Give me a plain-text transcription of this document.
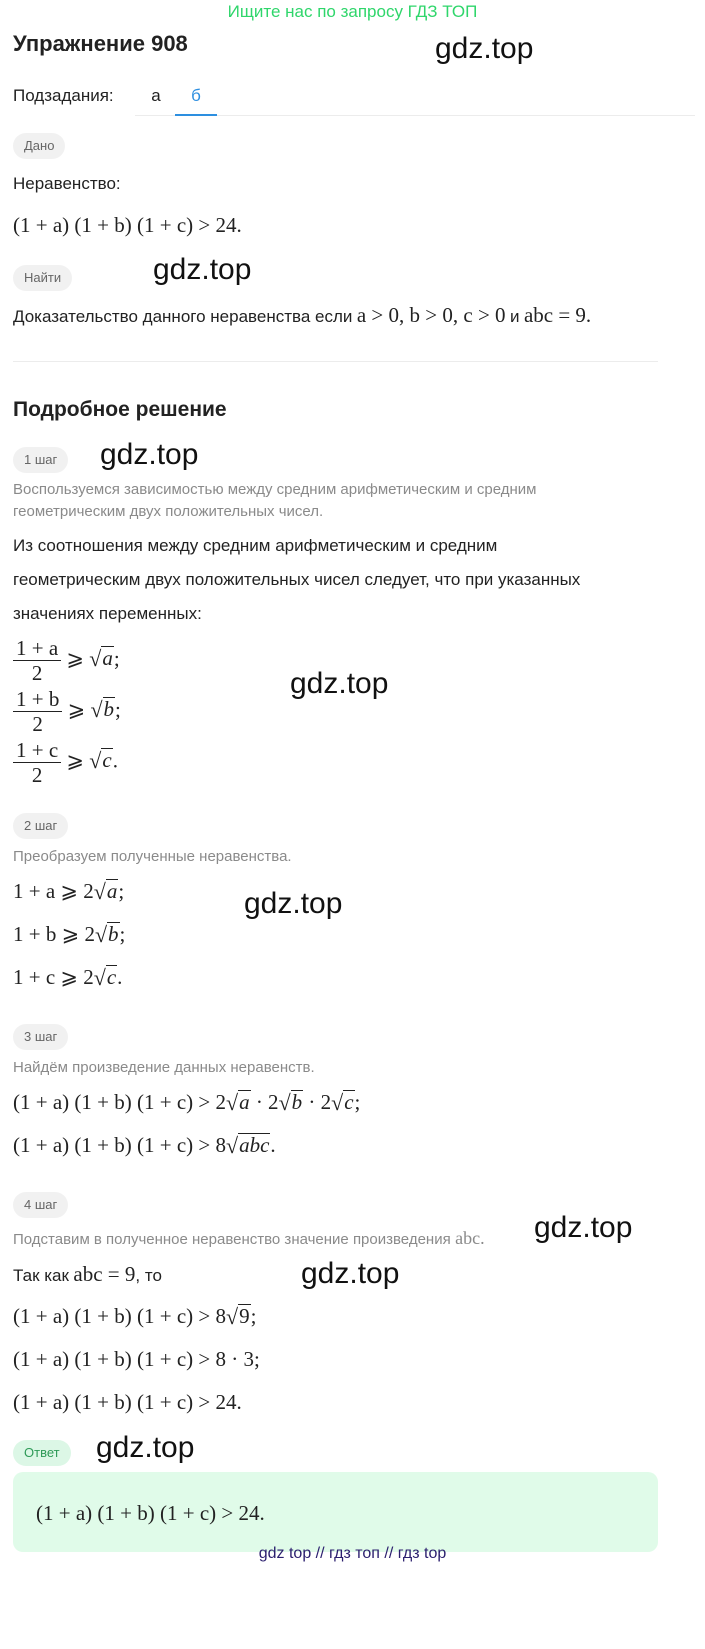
Ищите нас по запросу ГДЗ ТОП
Упражнение 908	gdz.top
Подзадания:	а	б
Дано
Неравенство:
(1 + a) (1 + b) (1 + c) > 24.
Найти	gdz.top
Доказательство данного неравенства если a > 0, b > 0, c > 0 и abc = 9.
Подробное решение
1 шаг	gdz.top
Воспользуемся зависимостью между средним арифметическим и средним геометрическим двух положительных чисел.
Из соотношения между средним арифметическим и средним
геометрическим двух положительных чисел следует, что при указанных
значениях переменных:
$\frac{1 + a}{2}$ ⩾ √a;
$\frac{1 + b}{2}$ ⩾ √b;
$\frac{1 + c}{2}$ ⩾ √c.
gdz.top
2 шаг
Преобразуем полученные неравенства.
1 + a ⩾ 2√a;
1 + b ⩾ 2√b;
1 + c ⩾ 2√c.
gdz.top
3 шаг
Найдём произведение данных неравенств.
(1 + a) (1 + b) (1 + c) > 2√a · 2√b · 2√c;
(1 + a) (1 + b) (1 + c) > 8√abc.
4 шаг
Подставим в полученное неравенство значение произведения abc. gdz.top
Так как abc = 9, то	gdz.top
(1 + a) (1 + b) (1 + c) > 8√9;
(1 + a) (1 + b) (1 + c) > 8 · 3;
(1 + a) (1 + b) (1 + c) > 24.
Ответ	gdz.top
(1 + a) (1 + b) (1 + c) > 24.
gdz top // гдз топ // гдз top
